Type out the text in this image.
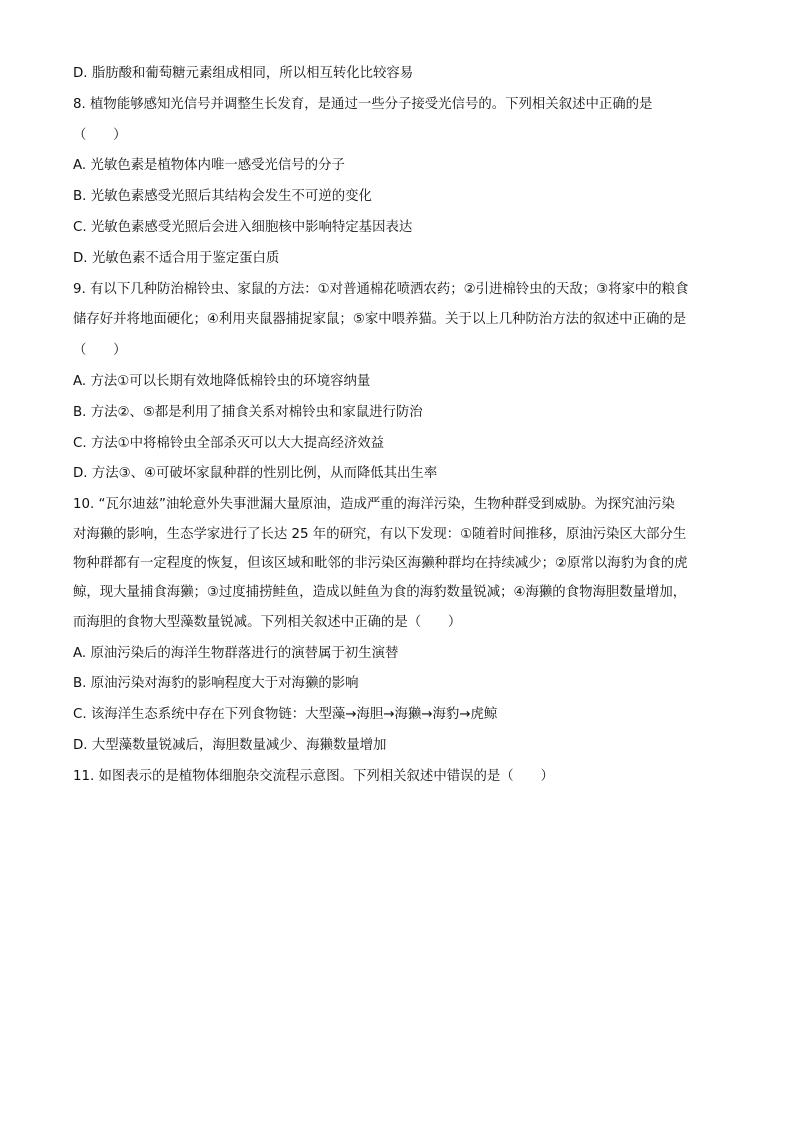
D. 脂肪酸和葡萄糖元素组成相同，所以相互转化比较容易
8. 植物能够感知光信号并调整生长发育，是通过一些分子接受光信号的。下列相关叙述中正确的是
（　　）
A. 光敏色素是植物体内唯一感受光信号的分子
B. 光敏色素感受光照后其结构会发生不可逆的变化
C. 光敏色素感受光照后会进入细胞核中影响特定基因表达
D. 光敏色素不适合用于鉴定蛋白质
9. 有以下几种防治棉铃虫、家鼠的方法：①对普通棉花喷洒农药；②引进棉铃虫的天敌；③将家中的粮食
储存好并将地面硬化；④利用夹鼠器捕捉家鼠；⑤家中喂养猫。关于以上几种防治方法的叙述中正确的是
（　　）
A. 方法①可以长期有效地降低棉铃虫的环境容纳量
B. 方法②、⑤都是利用了捕食关系对棉铃虫和家鼠进行防治
C. 方法①中将棉铃虫全部杀灭可以大大提高经济效益
D. 方法③、④可破坏家鼠种群的性别比例，从而降低其出生率
10. “瓦尔迪兹”油轮意外失事泄漏大量原油，造成严重的海洋污染，生物种群受到威胁。为探究油污染
对海獭的影响，生态学家进行了长达 25 年的研究，有以下发现：①随着时间推移，原油污染区大部分生
物种群都有一定程度的恢复，但该区域和毗邻的非污染区海獭种群均在持续减少；②原常以海豹为食的虎
鲸，现大量捕食海獭；③过度捕捞鲑鱼，造成以鲑鱼为食的海豹数量锐减；④海獭的食物海胆数量增加，
而海胆的食物大型藻数量锐减。下列相关叙述中正确的是（　　）
A. 原油污染后的海洋生物群落进行的演替属于初生演替
B. 原油污染对海豹的影响程度大于对海獭的影响
C. 该海洋生态系统中存在下列食物链：大型藻→海胆→海獭→海豹→虎鲸
D. 大型藻数量锐减后，海胆数量减少、海獭数量增加
11. 如图表示的是植物体细胞杂交流程示意图。下列相关叙述中错误的是（　　）
